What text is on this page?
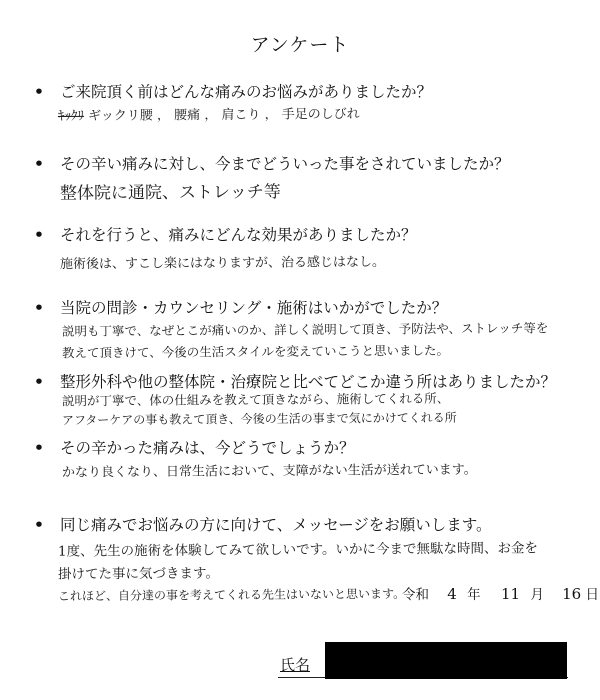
アンケート
• ご来院頂く前はどんな痛みのお悩みがありましたか？
ｷｯｸﾘ ギックリ腰 ， 腰痛 ， 肩こり ， 手足のしびれ
• その辛い痛みに対し、今までどういった事をされていましたか？
整体院に通院、ストレッチ等
• それを行うと、痛みにどんな効果がありましたか？
施術後は、すこし楽にはなりますが、治る感じはなし。
• 当院の問診・カウンセリング・施術はいかがでしたか？
説明も丁寧で、なぜとこが痛いのか、詳しく説明して頂き、予防法や、ストレッチ等を
教えて頂きけて、今後の生活スタイルを変えていこうと思いました。
• 整形外科や他の整体院・治療院と比べてどこか違う所はありましたか？
説明が丁寧で、体の仕組みを教えて頂きながら、施術してくれる所、
アフターケアの事も教えて頂き、今後の生活の事まで気にかけてくれる所
• その辛かった痛みは、今どうでしょうか？
かなり良くなり、日常生活において、支障がない生活が送れています。
• 同じ痛みでお悩みの方に向けて、メッセージをお願いします。
1度、先生の施術を体験してみて欲しいです。いかに今まで無駄な時間、お金を
掛けてた事に気づきます。
これほど、自分達の事を考えてくれる先生はいないと思います。
令和 4 年 11 月 16 日
氏名
